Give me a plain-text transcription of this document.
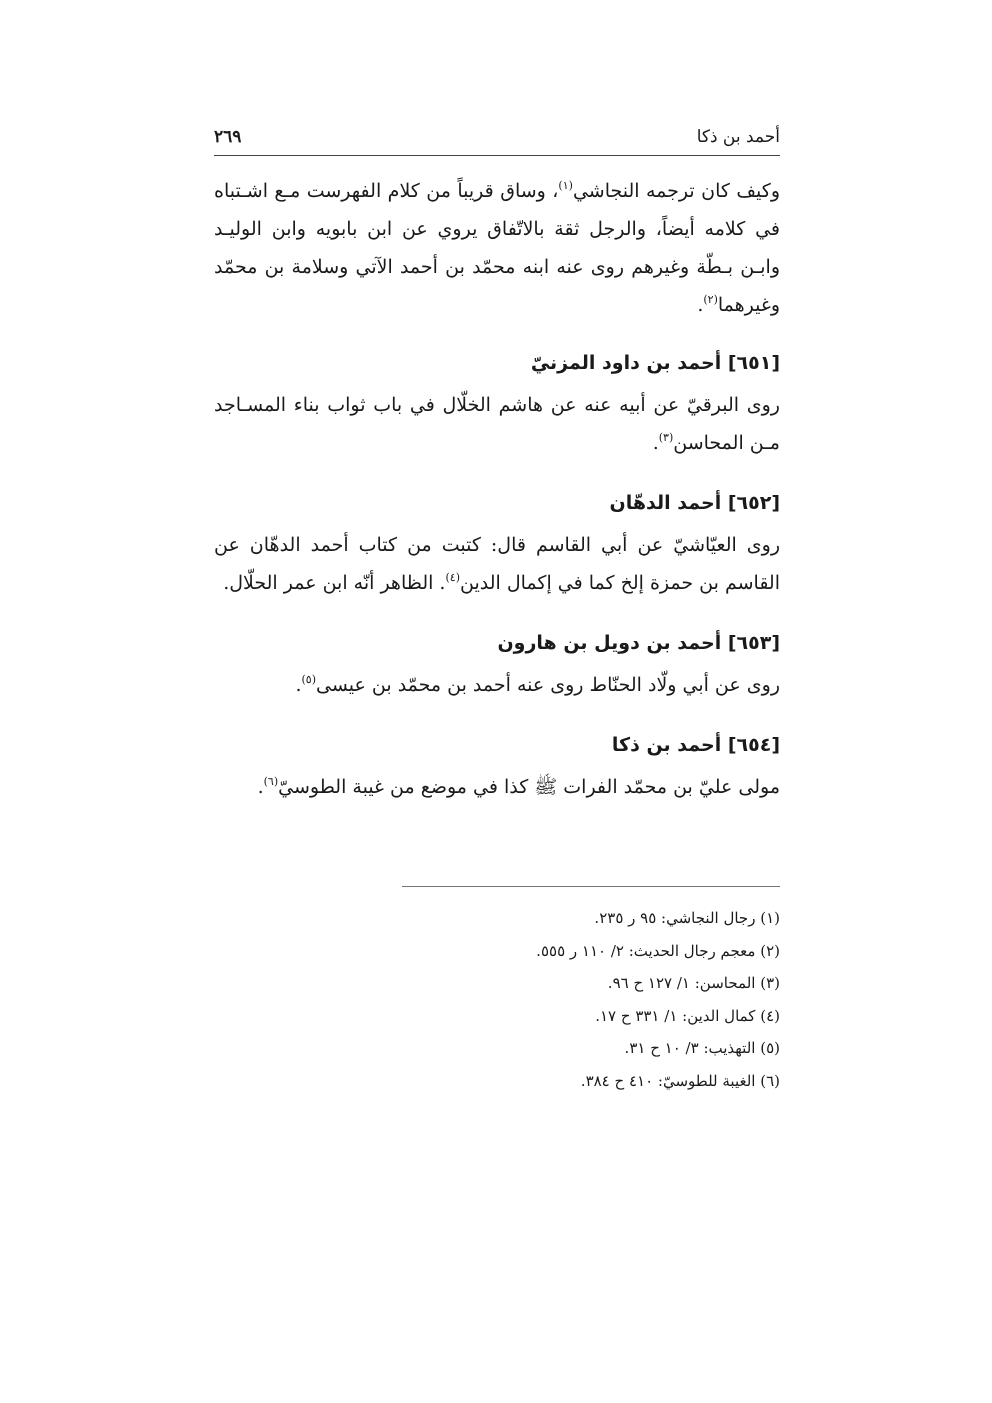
أحمد بن ذكا
٢٦٩

وكيف كان ترجمه النجاشي$^{(١)}$، وساق قريباً من كلام الفهرست مـع اشـتباه في كلامه أيضاً، والرجل ثقة بالاتّفاق يروي عن ابن بابويه وابن الوليـد وابـن بـطّة وغيرهم روى عنه ابنه محمّد بن أحمد الآتي وسلامة بن محمّد وغيرهما$^{(٢)}$.

[٦٥١] أحمد بن داود المزنيّ

روى البرقيّ عن أبيه عنه عن هاشم الخلّال في باب ثواب بناء المسـاجد مـن المحاسن$^{(٣)}$.

[٦٥٢] أحمد الدهّان

روى العيّاشيّ عن أبي القاسم قال: كتبت من كتاب أحمد الدهّان عن القاسم بن حمزة إلخ كما في إكمال الدين$^{(٤)}$. الظاهر أنّه ابن عمر الحلّال.

[٦٥٣] أحمد بن دويل بن هارون

روى عن أبي ولّاد الحنّاط روى عنه أحمد بن محمّد بن عيسى$^{(٥)}$.

[٦٥٤] أحمد بن ذكا

مولى عليّ بن محمّد الفرات ﷺ كذا في موضع من غيبة الطوسيّ$^{(٦)}$.

(١) رجال النجاشي: ٩٥ ر ٢٣٥.
(٢) معجم رجال الحديث: ٢/ ١١٠ ر ٥٥٥.
(٣) المحاسن: ١/ ١٢٧ ح ٩٦.
(٤) كمال الدين: ١/ ٣٣١ ح ١٧.
(٥) التهذيب: ٣/ ١٠ ح ٣١.
(٦) الغيبة للطوسيّ: ٤١٠ ح ٣٨٤.
